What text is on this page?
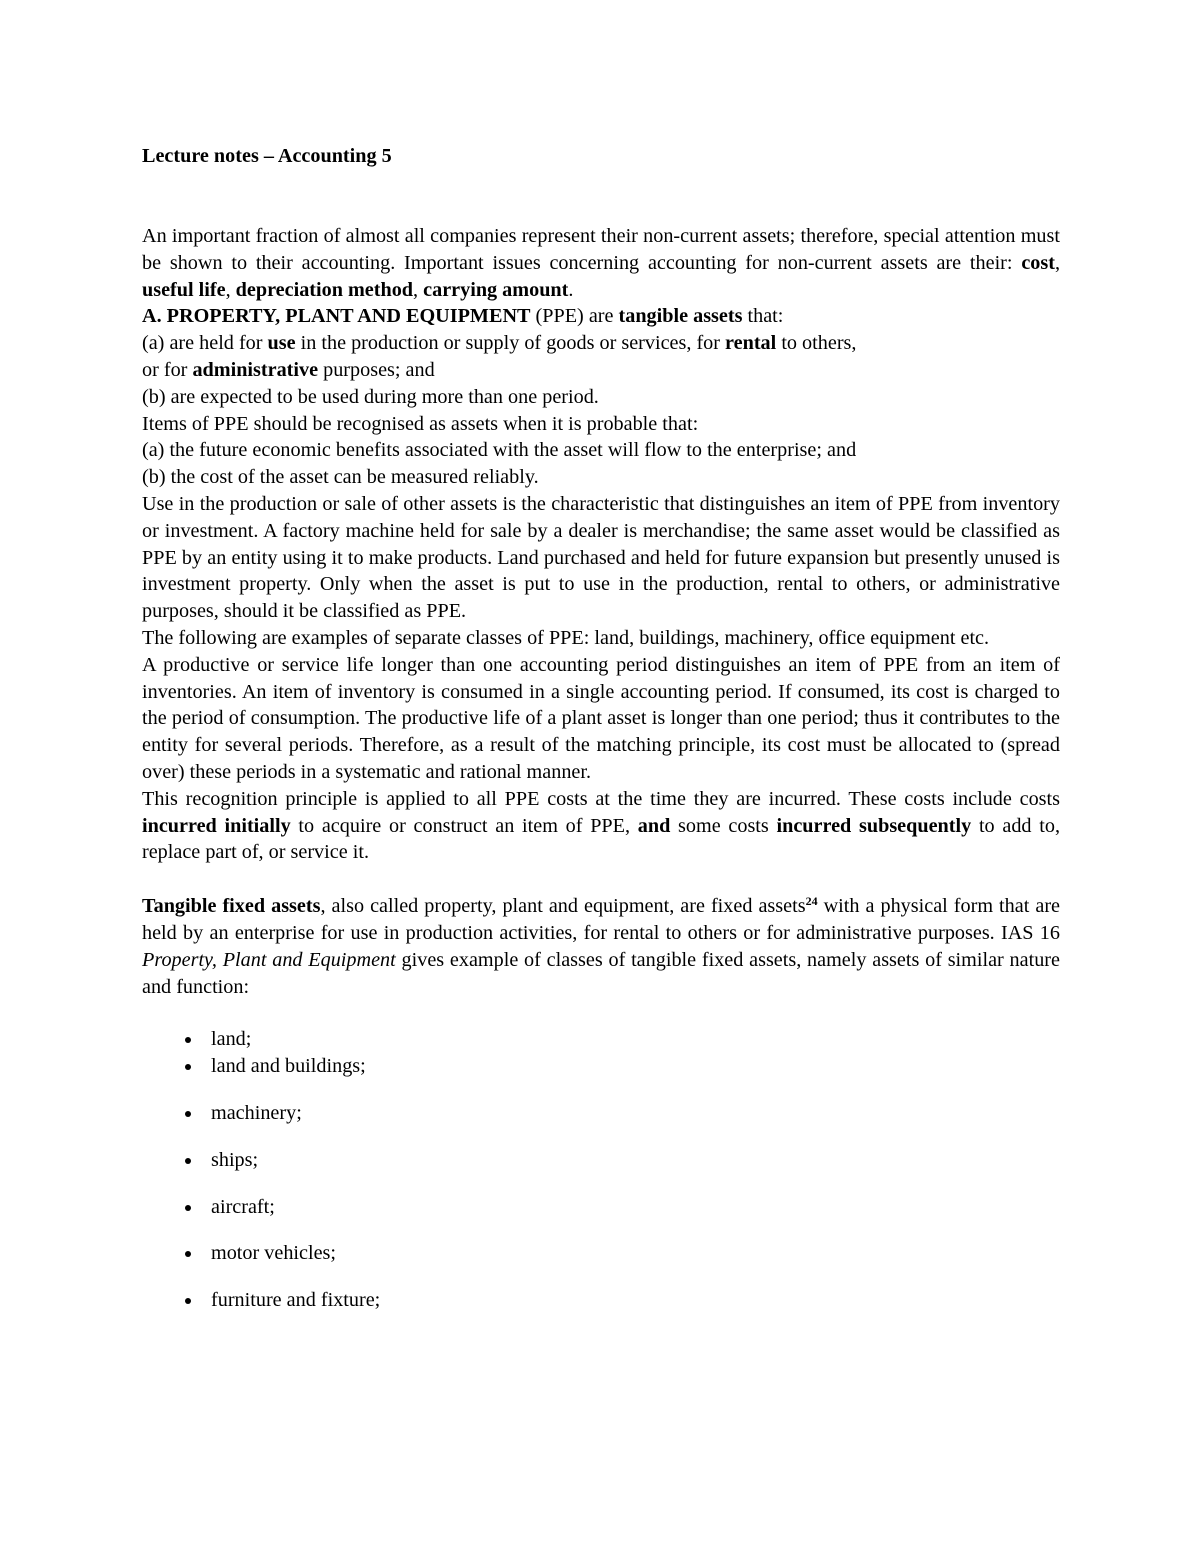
Lecture notes – Accounting 5

An important fraction of almost all companies represent their non-current assets; therefore, special attention must be shown to their accounting. Important issues concerning accounting for non-current assets are their: cost, useful life, depreciation method, carrying amount.

A. PROPERTY, PLANT AND EQUIPMENT (PPE) are tangible assets that:

(a) are held for use in the production or supply of goods or services, for rental to others,

or for administrative purposes; and

(b) are expected to be used during more than one period.

Items of PPE should be recognised as assets when it is probable that:

(a) the future economic benefits associated with the asset will flow to the enterprise; and

(b) the cost of the asset can be measured reliably.

Use in the production or sale of other assets is the characteristic that distinguishes an item of PPE from inventory or investment. A factory machine held for sale by a dealer is merchandise; the same asset would be classified as PPE by an entity using it to make products. Land purchased and held for future expansion but presently unused is investment property. Only when the asset is put to use in the production, rental to others, or administrative purposes, should it be classified as PPE.

The following are examples of separate classes of PPE: land, buildings, machinery, office equipment etc.

A productive or service life longer than one accounting period distinguishes an item of PPE from an item of inventories. An item of inventory is consumed in a single accounting period. If consumed, its cost is charged to the period of consumption. The productive life of a plant asset is longer than one period; thus it contributes to the entity for several periods. Therefore, as a result of the matching principle, its cost must be allocated to (spread over) these periods in a systematic and rational manner.

This recognition principle is applied to all PPE costs at the time they are incurred. These costs include costs incurred initially to acquire or construct an item of PPE, and some costs incurred subsequently to add to, replace part of, or service it.

Tangible fixed assets, also called property, plant and equipment, are fixed assets$^{24}$ with a physical form that are held by an enterprise for use in production activities, for rental to others or for administrative purposes. IAS 16 Property, Plant and Equipment gives example of classes of tangible fixed assets, namely assets of similar nature and function:

land;
land and buildings;
machinery;
ships;
aircraft;
motor vehicles;
furniture and fixture;
